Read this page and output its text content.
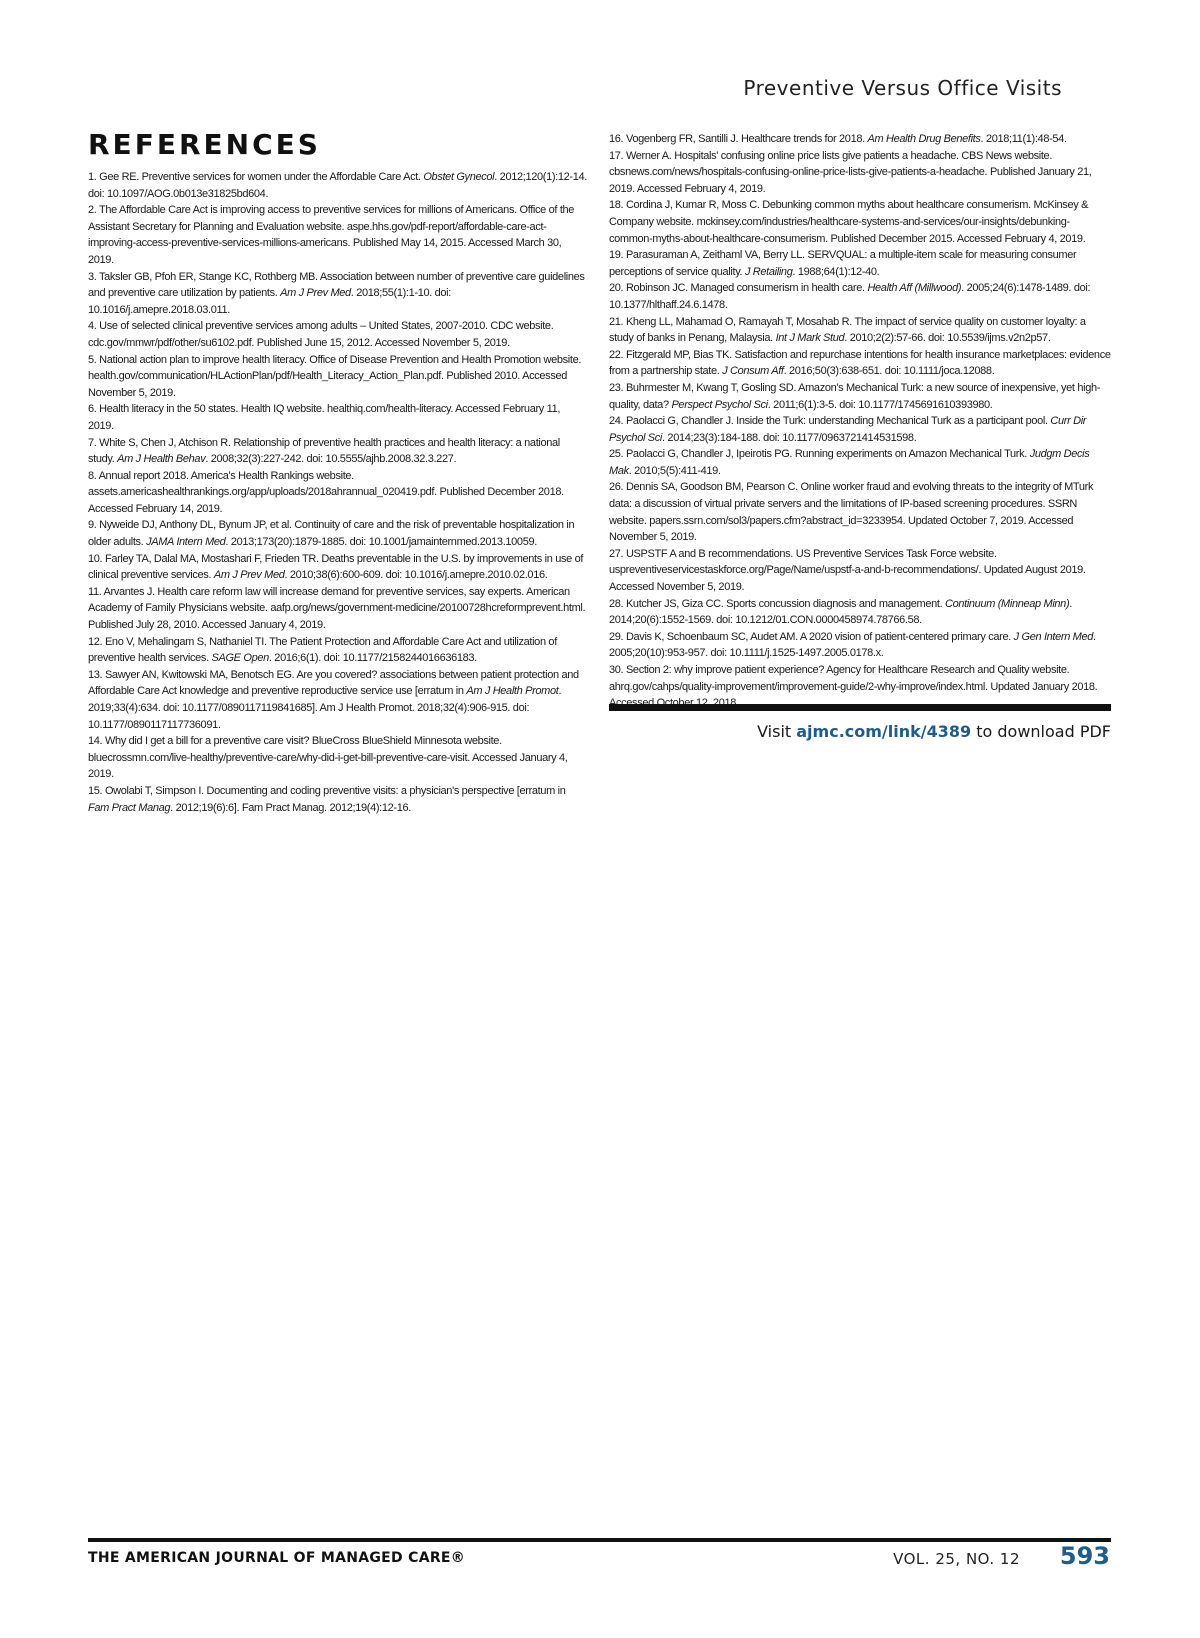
Preventive Versus Office Visits
REFERENCES
1. Gee RE. Preventive services for women under the Affordable Care Act. Obstet Gynecol. 2012;120(1):12-14. doi: 10.1097/AOG.0b013e31825bd604.
2. The Affordable Care Act is improving access to preventive services for millions of Americans. Office of the Assistant Secretary for Planning and Evaluation website. aspe.hhs.gov/pdf-report/affordable-care-act-improving-access-preventive-services-millions-americans. Published May 14, 2015. Accessed March 30, 2019.
3. Taksler GB, Pfoh ER, Stange KC, Rothberg MB. Association between number of preventive care guidelines and preventive care utilization by patients. Am J Prev Med. 2018;55(1):1-10. doi: 10.1016/j.amepre.2018.03.011.
4. Use of selected clinical preventive services among adults – United States, 2007-2010. CDC website. cdc.gov/mmwr/pdf/other/su6102.pdf. Published June 15, 2012. Accessed November 5, 2019.
5. National action plan to improve health literacy. Office of Disease Prevention and Health Promotion website. health.gov/communication/HLActionPlan/pdf/Health_Literacy_Action_Plan.pdf. Published 2010. Accessed November 5, 2019.
6. Health literacy in the 50 states. Health IQ website. healthiq.com/health-literacy. Accessed February 11, 2019.
7. White S, Chen J, Atchison R. Relationship of preventive health practices and health literacy: a national study. Am J Health Behav. 2008;32(3):227-242. doi: 10.5555/ajhb.2008.32.3.227.
8. Annual report 2018. America's Health Rankings website. assets.americashealthrankings.org/app/uploads/2018ahrannual_020419.pdf. Published December 2018. Accessed February 14, 2019.
9. Nyweide DJ, Anthony DL, Bynum JP, et al. Continuity of care and the risk of preventable hospitalization in older adults. JAMA Intern Med. 2013;173(20):1879-1885. doi: 10.1001/jamainternmed.2013.10059.
10. Farley TA, Dalal MA, Mostashari F, Frieden TR. Deaths preventable in the U.S. by improvements in use of clinical preventive services. Am J Prev Med. 2010;38(6):600-609. doi: 10.1016/j.amepre.2010.02.016.
11. Arvantes J. Health care reform law will increase demand for preventive services, say experts. American Academy of Family Physicians website. aafp.org/news/government-medicine/20100728hcreformprevent.html. Published July 28, 2010. Accessed January 4, 2019.
12. Eno V, Mehalingam S, Nathaniel TI. The Patient Protection and Affordable Care Act and utilization of preventive health services. SAGE Open. 2016;6(1). doi: 10.1177/2158244016636183.
13. Sawyer AN, Kwitowski MA, Benotsch EG. Are you covered? associations between patient protection and Affordable Care Act knowledge and preventive reproductive service use [erratum in Am J Health Promot. 2019;33(4):634. doi: 10.1177/0890117119841685]. Am J Health Promot. 2018;32(4):906-915. doi: 10.1177/0890117117736091.
14. Why did I get a bill for a preventive care visit? BlueCross BlueShield Minnesota website. bluecrossmn.com/live-healthy/preventive-care/why-did-i-get-bill-preventive-care-visit. Accessed January 4, 2019.
15. Owolabi T, Simpson I. Documenting and coding preventive visits: a physician's perspective [erratum in Fam Pract Manag. 2012;19(6):6]. Fam Pract Manag. 2012;19(4):12-16.
16. Vogenberg FR, Santilli J. Healthcare trends for 2018. Am Health Drug Benefits. 2018;11(1):48-54.
17. Werner A. Hospitals' confusing online price lists give patients a headache. CBS News website. cbsnews.com/news/hospitals-confusing-online-price-lists-give-patients-a-headache. Published January 21, 2019. Accessed February 4, 2019.
18. Cordina J, Kumar R, Moss C. Debunking common myths about healthcare consumerism. McKinsey & Company website. mckinsey.com/industries/healthcare-systems-and-services/our-insights/debunking-common-myths-about-healthcare-consumerism. Published December 2015. Accessed February 4, 2019.
19. Parasuraman A, Zeithaml VA, Berry LL. SERVQUAL: a multiple-item scale for measuring consumer perceptions of service quality. J Retailing. 1988;64(1):12-40.
20. Robinson JC. Managed consumerism in health care. Health Aff (Millwood). 2005;24(6):1478-1489. doi: 10.1377/hlthaff.24.6.1478.
21. Kheng LL, Mahamad O, Ramayah T, Mosahab R. The impact of service quality on customer loyalty: a study of banks in Penang, Malaysia. Int J Mark Stud. 2010;2(2):57-66. doi: 10.5539/ijms.v2n2p57.
22. Fitzgerald MP, Bias TK. Satisfaction and repurchase intentions for health insurance marketplaces: evidence from a partnership state. J Consum Aff. 2016;50(3):638-651. doi: 10.1111/joca.12088.
23. Buhrmester M, Kwang T, Gosling SD. Amazon's Mechanical Turk: a new source of inexpensive, yet high-quality, data? Perspect Psychol Sci. 2011;6(1):3-5. doi: 10.1177/1745691610393980.
24. Paolacci G, Chandler J. Inside the Turk: understanding Mechanical Turk as a participant pool. Curr Dir Psychol Sci. 2014;23(3):184-188. doi: 10.1177/0963721414531598.
25. Paolacci G, Chandler J, Ipeirotis PG. Running experiments on Amazon Mechanical Turk. Judgm Decis Mak. 2010;5(5):411-419.
26. Dennis SA, Goodson BM, Pearson C. Online worker fraud and evolving threats to the integrity of MTurk data: a discussion of virtual private servers and the limitations of IP-based screening procedures. SSRN website. papers.ssrn.com/sol3/papers.cfm?abstract_id=3233954. Updated October 7, 2019. Accessed November 5, 2019.
27. USPSTF A and B recommendations. US Preventive Services Task Force website. uspreventiveservicestaskforce.org/Page/Name/uspstf-a-and-b-recommendations/. Updated August 2019. Accessed November 5, 2019.
28. Kutcher JS, Giza CC. Sports concussion diagnosis and management. Continuum (Minneap Minn). 2014;20(6):1552-1569. doi: 10.1212/01.CON.0000458974.78766.58.
29. Davis K, Schoenbaum SC, Audet AM. A 2020 vision of patient-centered primary care. J Gen Intern Med. 2005;20(10):953-957. doi: 10.1111/j.1525-1497.2005.0178.x.
30. Section 2: why improve patient experience? Agency for Healthcare Research and Quality website. ahrq.gov/cahps/quality-improvement/improvement-guide/2-why-improve/index.html. Updated January 2018.
Visit ajmc.com/link/4389 to download PDF
THE AMERICAN JOURNAL OF MANAGED CARE®	VOL. 25, NO. 12 593
